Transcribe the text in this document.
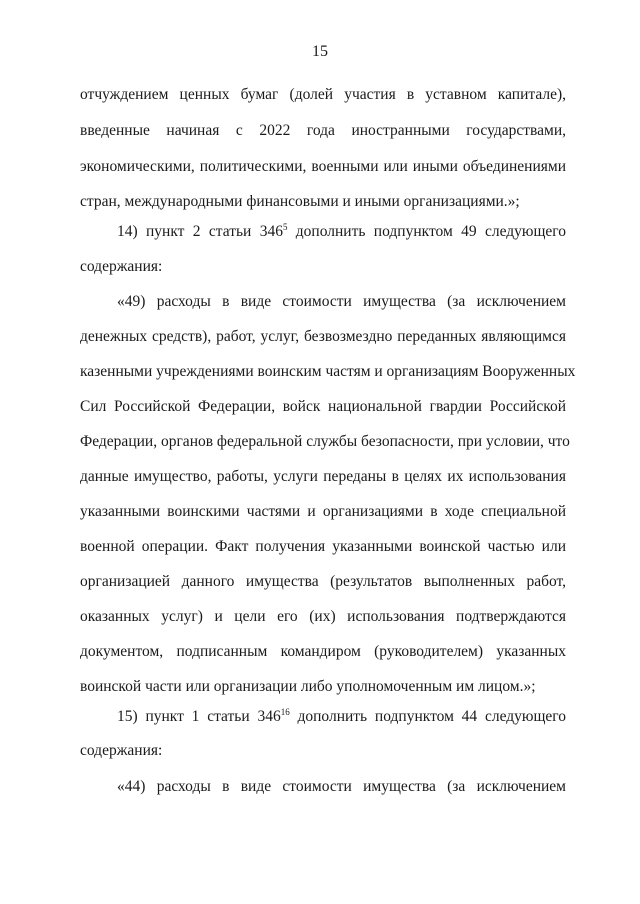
15
отчуждением ценных бумаг (долей участия в уставном капитале),
введенные начиная с 2022 года иностранными государствами,
экономическими, политическими, военными или иными объединениями
стран, международными финансовыми и иными организациями.»;
14) пункт 2 статьи $346^5$ дополнить подпунктом 49 следующего
содержания:
«49) расходы в виде стоимости имущества (за исключением
денежных средств), работ, услуг, безвозмездно переданных являющимся
казенными учреждениями воинским частям и организациям Вооруженных
Сил Российской Федерации, войск национальной гвардии Российской
Федерации, органов федеральной службы безопасности, при условии, что
данные имущество, работы, услуги переданы в целях их использования
указанными воинскими частями и организациями в ходе специальной
военной операции. Факт получения указанными воинской частью или
организацией данного имущества (результатов выполненных работ,
оказанных услуг) и цели его (их) использования подтверждаются
документом, подписанным командиром (руководителем) указанных
воинской части или организации либо уполномоченным им лицом.»;
15) пункт 1 статьи $346^{16}$ дополнить подпунктом 44 следующего
содержания:
«44) расходы в виде стоимости имущества (за исключением
